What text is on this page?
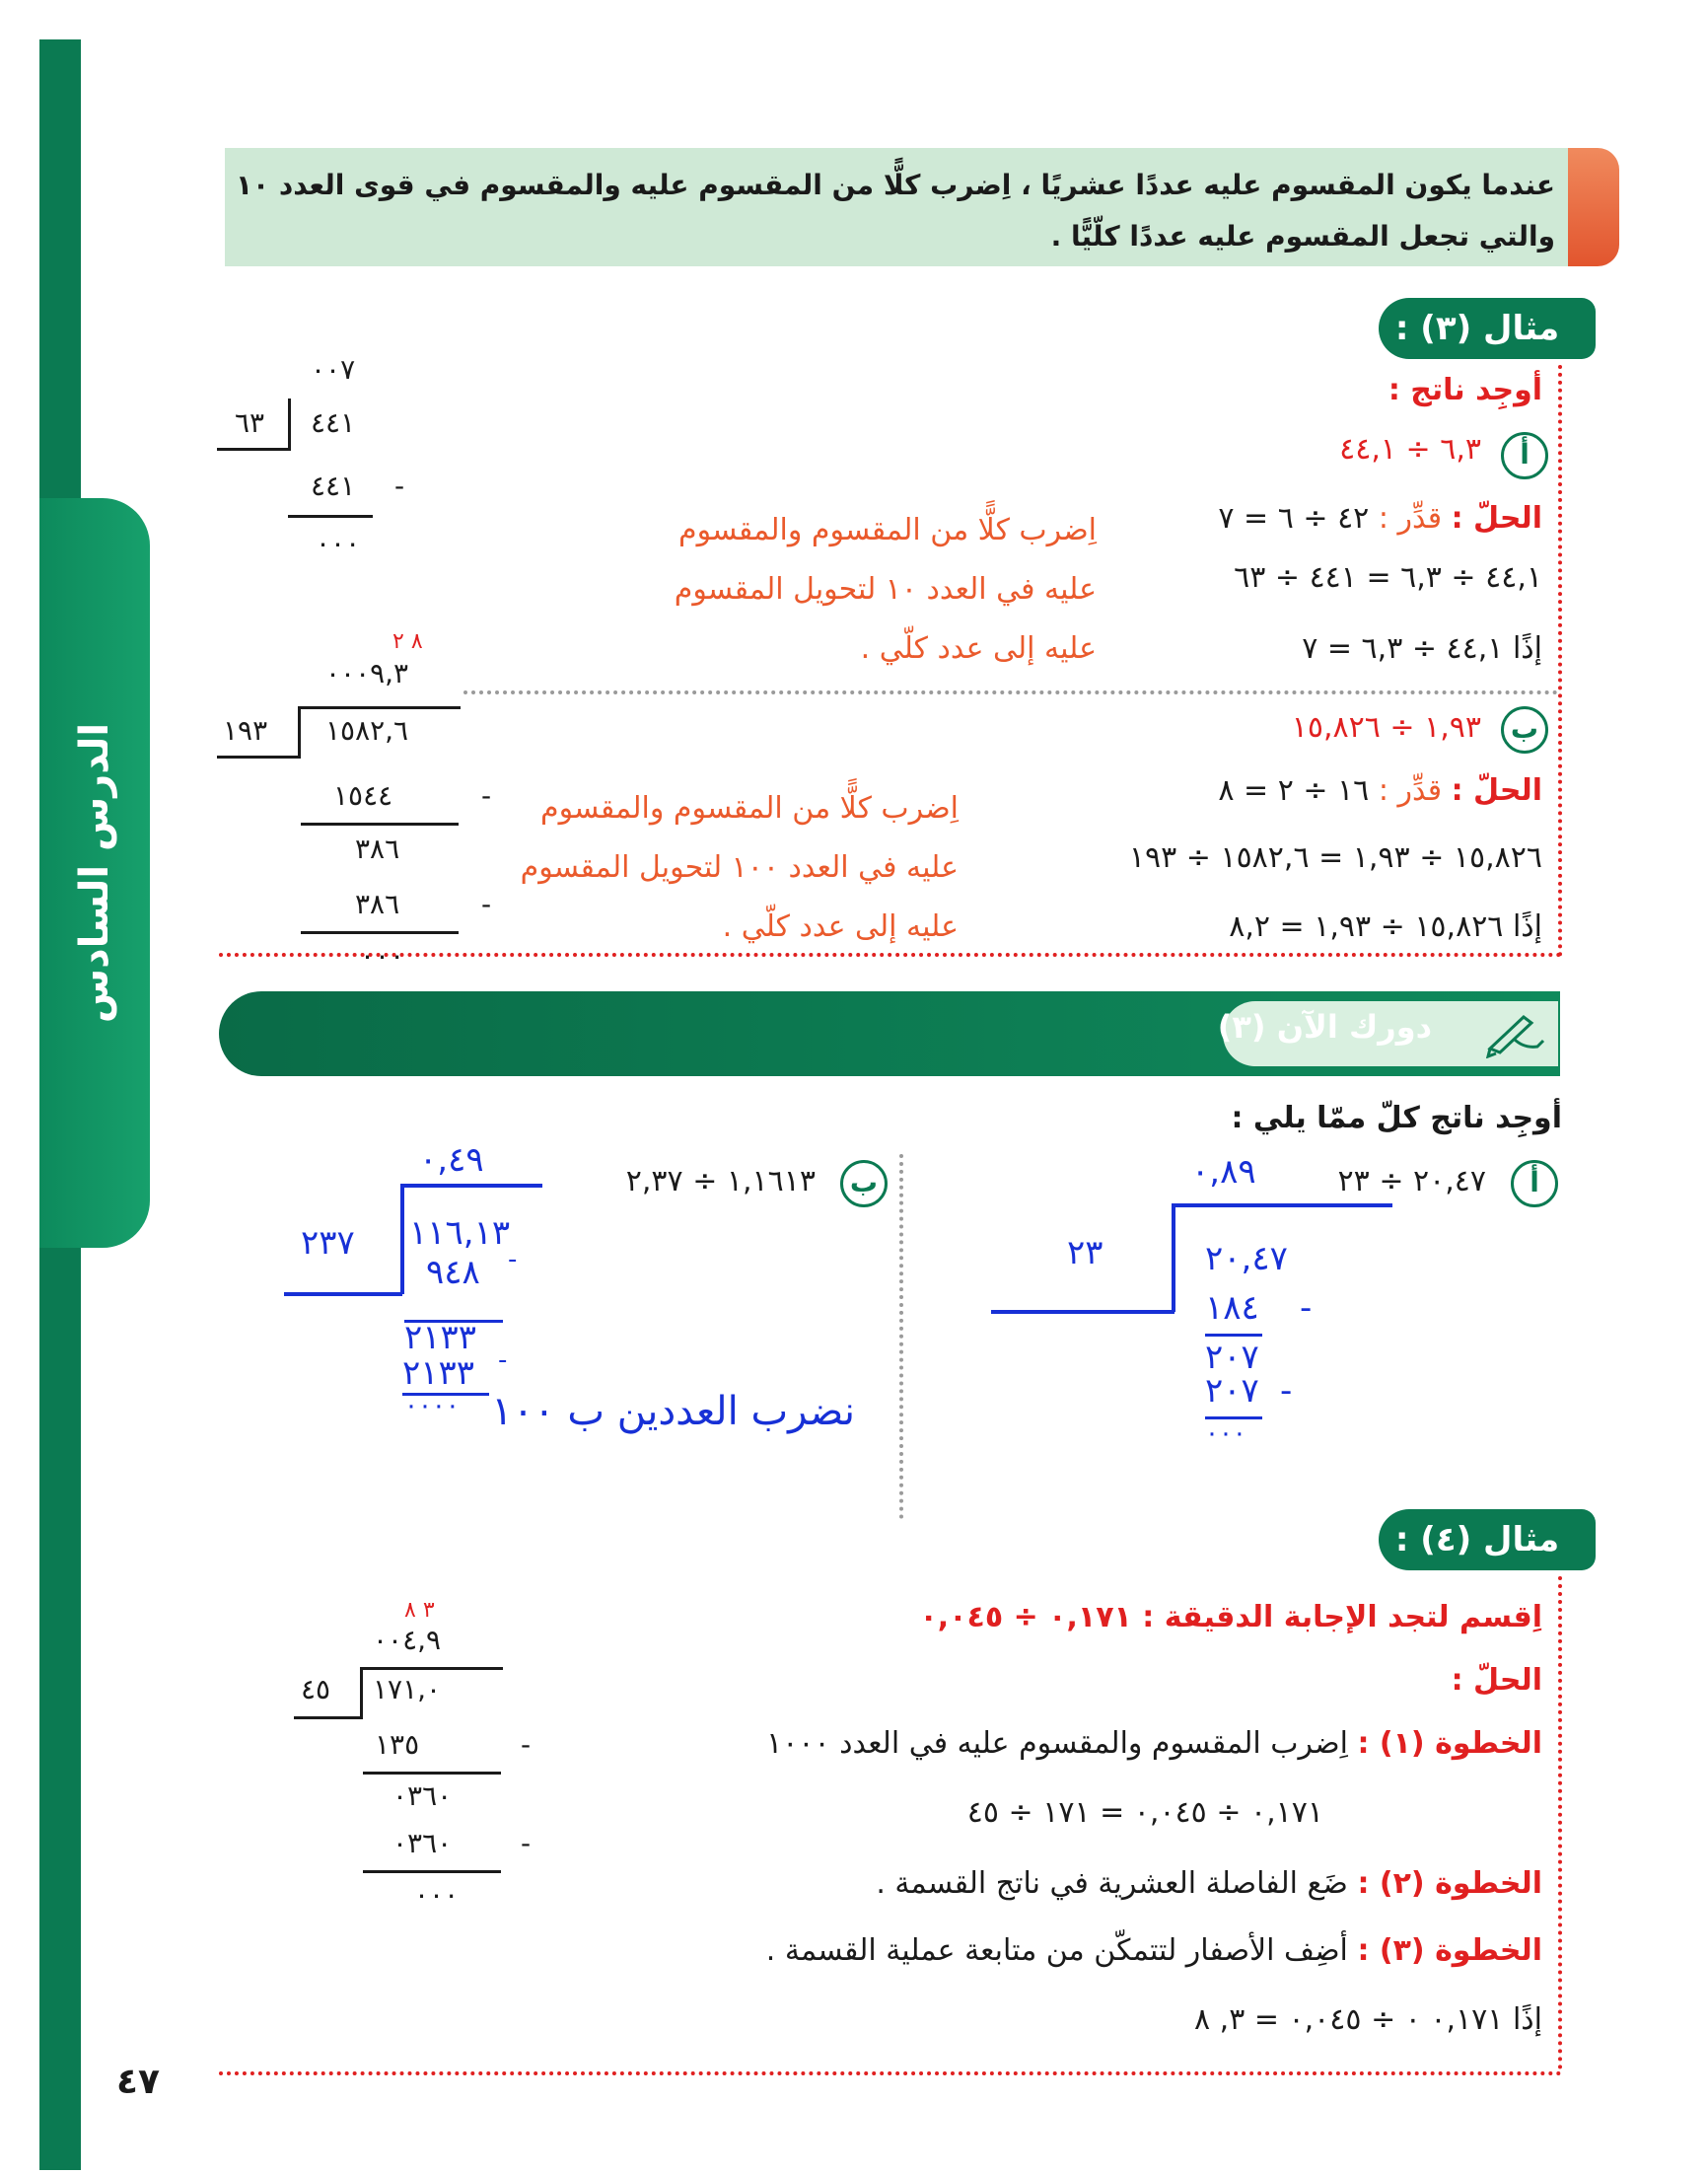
الدرس السادس
عندما يكون المقسوم عليه عددًا عشريًا ، اِضرب كلًّا من المقسوم عليه والمقسوم في قوى العدد ١٠
والتي تجعل المقسوم عليه عددًا كلّيًّا .
مثال (٣) :
أوجِد ناتج :
أ
٦,٣ ÷ ٤٤,١
الحلّ : قدِّر : ٤٢ ÷ ٦ = ٧
٤٤,١ ÷ ٦,٣ = ٤٤١ ÷ ٦٣
إذًا ٤٤,١ ÷ ٦,٣ = ٧
اِضرب كلًّا من المقسوم والمقسوم
عليه في العدد ١٠ لتحويل المقسوم
عليه إلى عدد كلّي .
٠٠٧
٦٣ ٤٤١
٤٤١ -
٠٠٠
ب
١,٩٣ ÷ ١٥,٨٢٦
الحلّ : قدِّر : ١٦ ÷ ٢ = ٨
١٥,٨٢٦ ÷ ١,٩٣ = ١٥٨٢,٦ ÷ ١٩٣
إذًا ١٥,٨٢٦ ÷ ١,٩٣ = ٨,٢
اِضرب كلًّا من المقسوم والمقسوم
عليه في العدد ١٠٠ لتحويل المقسوم
عليه إلى عدد كلّي .
٨ ٢
٠٠٠٩,٣
١٩٣ ١٥٨٢,٦
١٥٤٤	-
٣٨٦
٣٨٦	-
٠٠٠
دورك الآن (٣)
أوجِد ناتج كلّ ممّا يلي :
أ
٢٠,٤٧ ÷ ٢٣
٠,٨٩
٢٣	٢٠,٤٧
١٨٤ -
٢٠٧
٢٠٧ -
٠٠٠
ب
١,١٦١٣ ÷ ٢,٣٧
٠,٤٩
٢٣٧ ١١٦,١٣
٩٤٨ -
٢١٣٣
٢١٣٣ -
٠٠٠٠ نضرب العددين ب ١٠٠
مثال (٤) :
اِقسم لتجد الإجابة الدقيقة : ٠,١٧١ ÷ ٠,٠٤٥
الحلّ :
الخطوة (١) : اِضرب المقسوم والمقسوم عليه في العدد ١٠٠٠
٠,١٧١ ÷ ٠,٠٤٥ = ١٧١ ÷ ٤٥
الخطوة (٢) : ضَع الفاصلة العشرية في ناتج القسمة .
الخطوة (٣) : أضِف الأصفار لتتمكّن من متابعة عملية القسمة .
إذًا ٠,١٧١ ٠ ÷ ٠,٠٤٥ = ٣, ٨
٣ ٨
٠٠٤,٩
٤٥ ١٧١,٠
١٣٥	-
٠٣٦٠
٠٣٦٠ -
٠٠٠
٤٧
